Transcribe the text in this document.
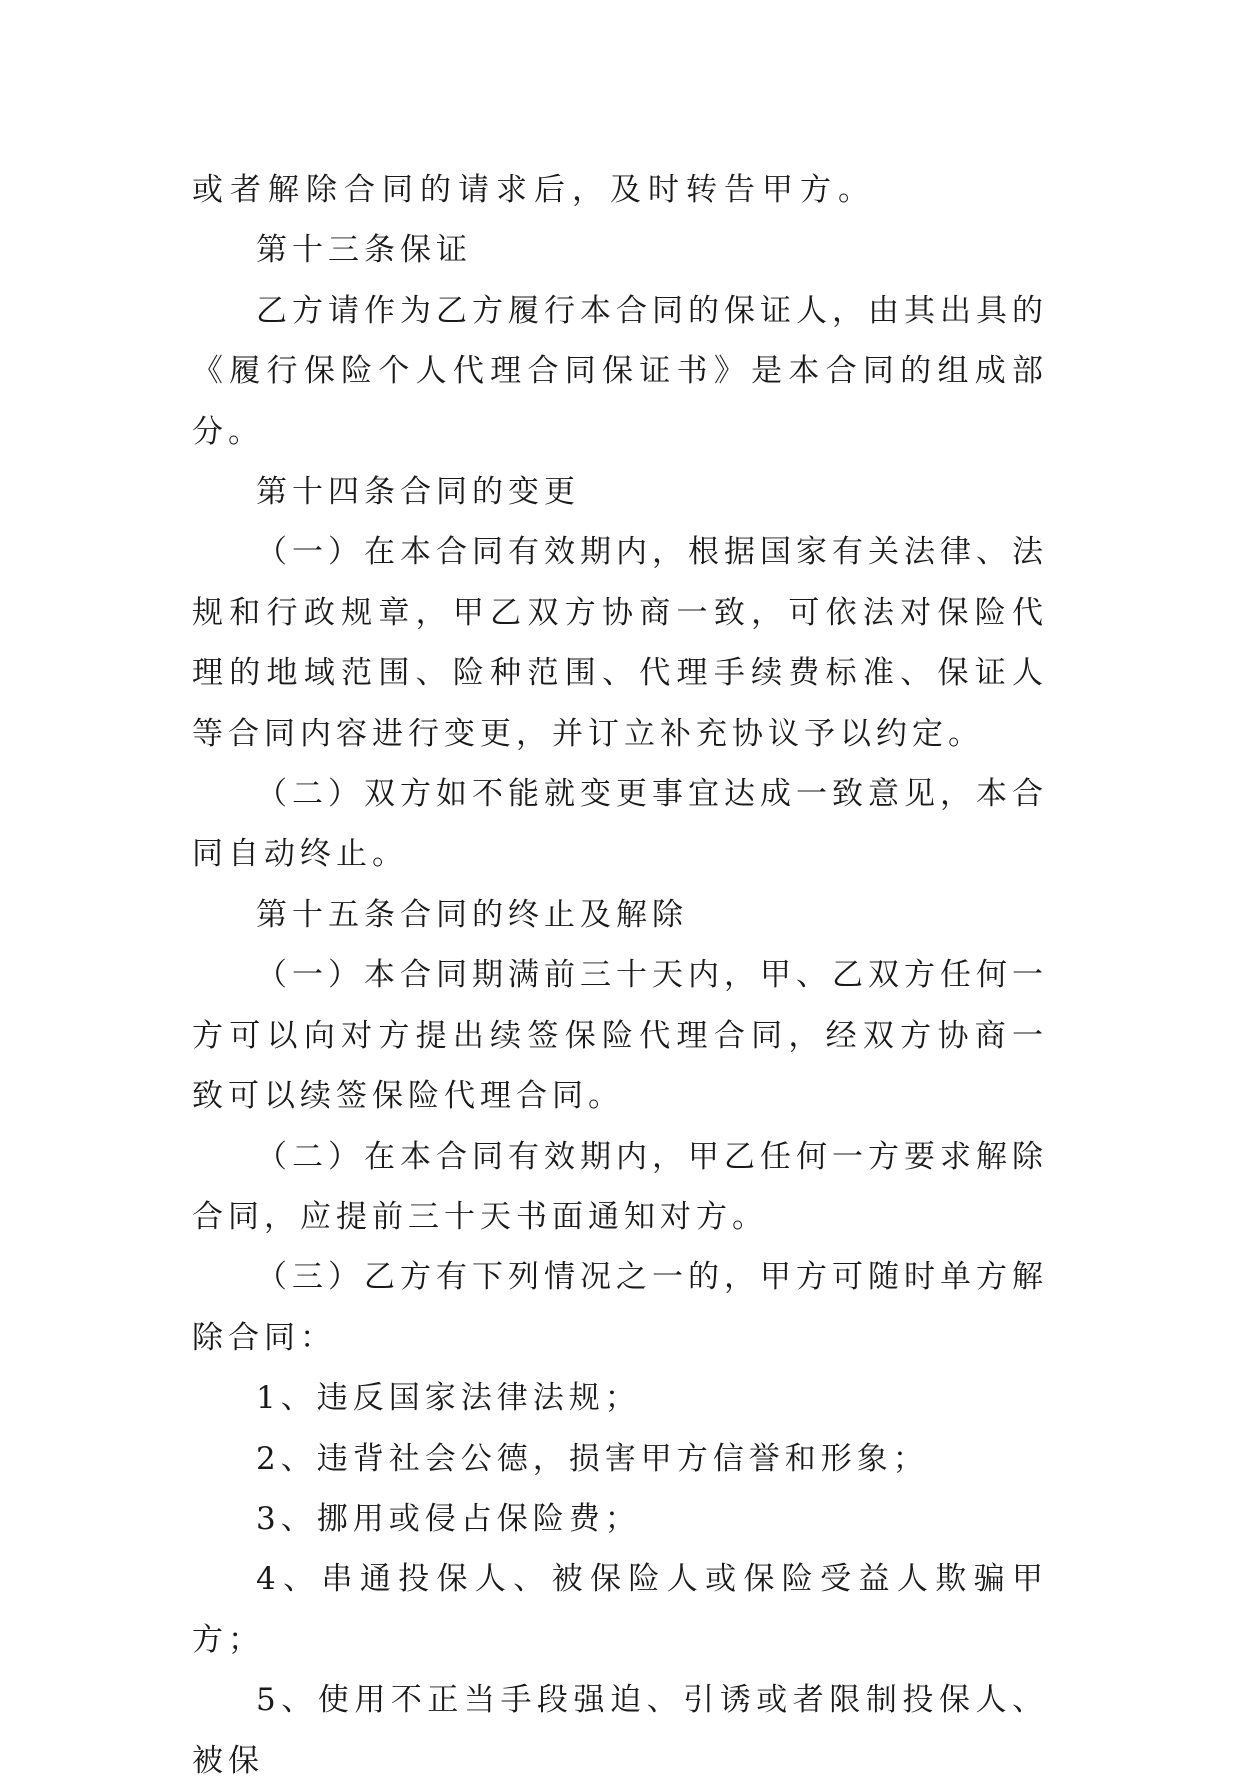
或者解除合同的请求后，及时转告甲方。

第十三条保证

乙方请作为乙方履行本合同的保证人，由其出具的《履行保险个人代理合同保证书》是本合同的组成部分。

第十四条合同的变更

（一）在本合同有效期内，根据国家有关法律、法规和行政规章，甲乙双方协商一致，可依法对保险代理的地域范围、险种范围、代理手续费标准、保证人等合同内容进行变更，并订立补充协议予以约定。

（二）双方如不能就变更事宜达成一致意见，本合同自动终止。

第十五条合同的终止及解除

（一）本合同期满前三十天内，甲、乙双方任何一方可以向对方提出续签保险代理合同，经双方协商一致可以续签保险代理合同。

（二）在本合同有效期内，甲乙任何一方要求解除合同，应提前三十天书面通知对方。

（三）乙方有下列情况之一的，甲方可随时单方解除合同：

1、违反国家法律法规；

2、违背社会公德，损害甲方信誉和形象；

3、挪用或侵占保险费；

4、串通投保人、被保险人或保险受益人欺骗甲方；

5、使用不正当手段强迫、引诱或者限制投保人、被保
